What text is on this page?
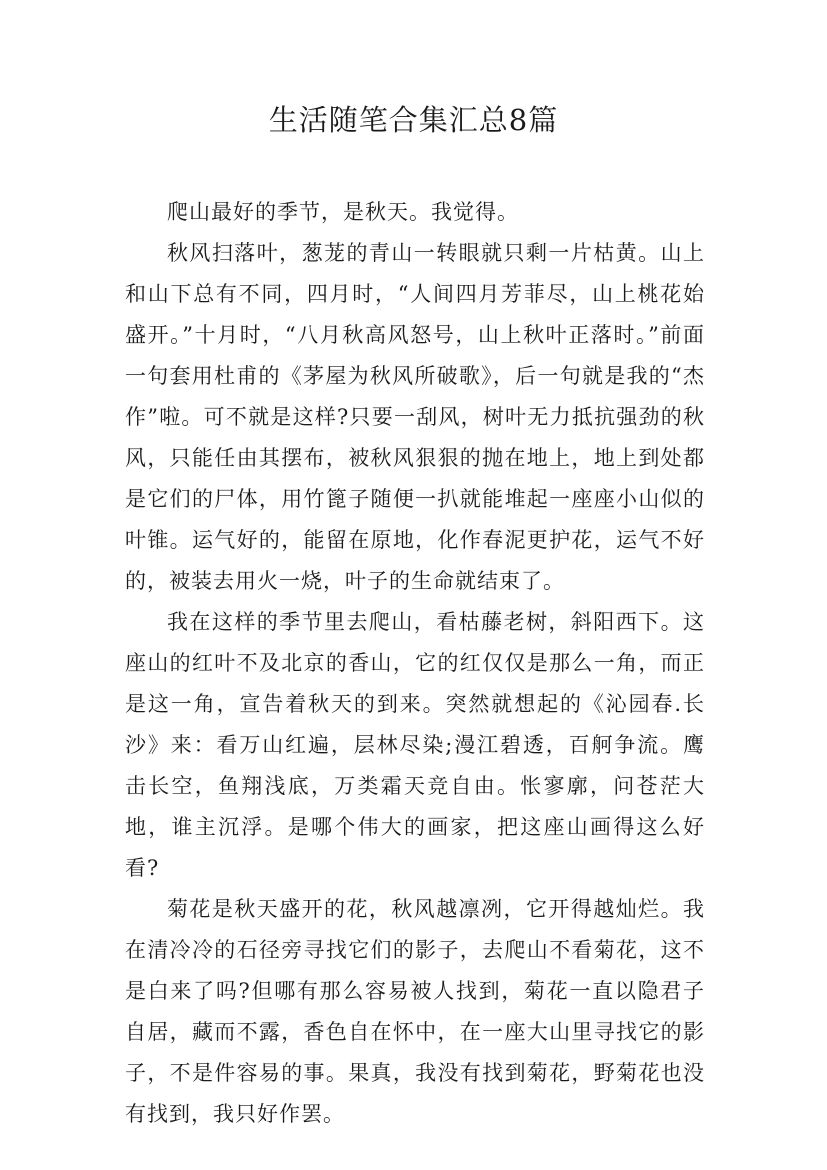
生活随笔合集汇总8篇

爬山最好的季节，是秋天。我觉得。

秋风扫落叶，葱茏的青山一转眼就只剩一片枯黄。山上和山下总有不同，四月时，“人间四月芳菲尽，山上桃花始盛开。”十月时，“八月秋高风怒号，山上秋叶正落时。”前面一句套用杜甫的《茅屋为秋风所破歌》，后一句就是我的“杰作”啦。可不就是这样?只要一刮风，树叶无力抵抗强劲的秋风，只能任由其摆布，被秋风狠狠的抛在地上，地上到处都是它们的尸体，用竹篦子随便一扒就能堆起一座座小山似的叶锥。运气好的，能留在原地，化作春泥更护花，运气不好的，被装去用火一烧，叶子的生命就结束了。

我在这样的季节里去爬山，看枯藤老树，斜阳西下。这座山的红叶不及北京的香山，它的红仅仅是那么一角，而正是这一角，宣告着秋天的到来。突然就想起的《沁园春.长沙》来：看万山红遍，层林尽染;漫江碧透，百舸争流。鹰击长空，鱼翔浅底，万类霜天竞自由。怅寥廓，问苍茫大地，谁主沉浮。是哪个伟大的画家，把这座山画得这么好看?

菊花是秋天盛开的花，秋风越凛冽，它开得越灿烂。我在清冷冷的石径旁寻找它们的影子，去爬山不看菊花，这不是白来了吗?但哪有那么容易被人找到，菊花一直以隐君子自居，藏而不露，香色自在怀中，在一座大山里寻找它的影子，不是件容易的事。果真，我没有找到菊花，野菊花也没有找到，我只好作罢。
